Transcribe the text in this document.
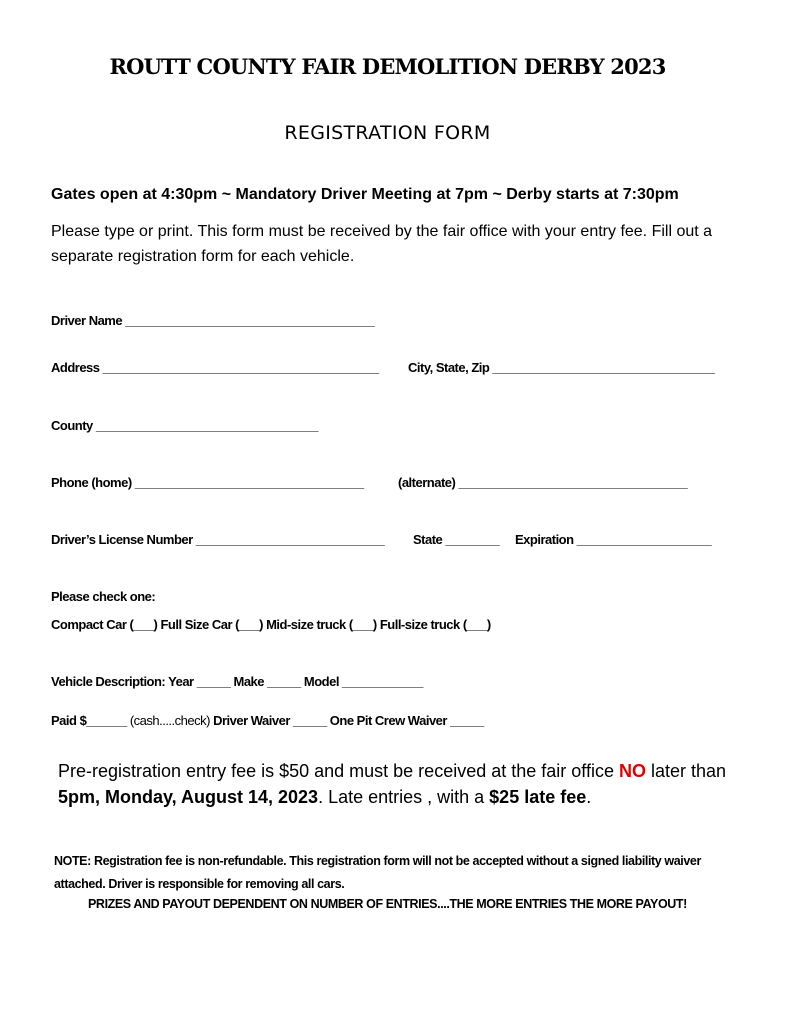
ROUTT COUNTY FAIR DEMOLITION DERBY 2023
REGISTRATION FORM
Gates open at 4:30pm ~ Mandatory Driver Meeting at 7pm ~ Derby starts at 7:30pm
Please type or print. This form must be received by the fair office with your entry fee. Fill out a separate registration form for each vehicle.
Driver Name _____________________________________
Address _________________________________________ City, State, Zip _________________________________
County _________________________________
Phone (home) __________________________________	(alternate) __________________________________
Driver’s License Number ____________________________ State ________ Expiration ____________________
Please check one:
Compact Car (___) Full Size Car (___) Mid-size truck (___) Full-size truck (___)
Vehicle Description: Year _____ Make _____ Model ____________
Paid $______ (cash.....check) Driver Waiver _____ One Pit Crew Waiver _____
Pre-registration entry fee is $50 and must be received at the fair office NO later than 5pm, Monday, August 14, 2023. Late entries , with a $25 late fee.
NOTE: Registration fee is non-refundable. This registration form will not be accepted without a signed liability waiver attached. Driver is responsible for removing all cars.
PRIZES AND PAYOUT DEPENDENT ON NUMBER OF ENTRIES....THE MORE ENTRIES THE MORE PAYOUT!
